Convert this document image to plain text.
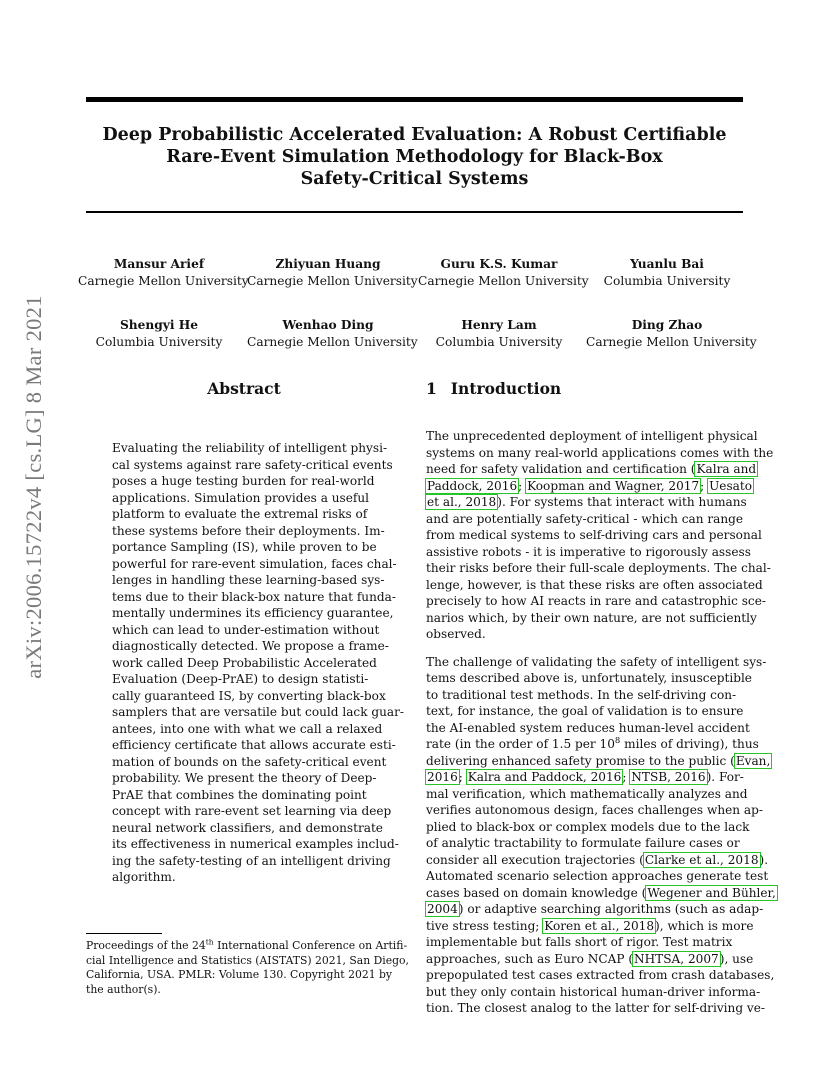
Deep Probabilistic Accelerated Evaluation: A Robust Certifiable
Rare-Event Simulation Methodology for Black-Box
Safety-Critical Systems
arXiv:2006.15722v4 [cs.LG] 8 Mar 2021
Mansur Arief
Carnegie Mellon University
Zhiyuan Huang
Carnegie Mellon University
Guru K.S. Kumar
Carnegie Mellon University
Yuanlu Bai
Columbia University
Shengyi He
Columbia University
Wenhao Ding
Carnegie Mellon University
Henry Lam
Columbia University
Ding Zhao
Carnegie Mellon University
Abstract
Evaluating the reliability of intelligent physi-
cal systems against rare safety-critical events
poses a huge testing burden for real-world
applications. Simulation provides a useful
platform to evaluate the extremal risks of
these systems before their deployments. Im-
portance Sampling (IS), while proven to be
powerful for rare-event simulation, faces chal-
lenges in handling these learning-based sys-
tems due to their black-box nature that funda-
mentally undermines its efficiency guarantee,
which can lead to under-estimation without
diagnostically detected. We propose a frame-
work called Deep Probabilistic Accelerated
Evaluation (Deep-PrAE) to design statisti-
cally guaranteed IS, by converting black-box
samplers that are versatile but could lack guar-
antees, into one with what we call a relaxed
efficiency certificate that allows accurate esti-
mation of bounds on the safety-critical event
probability. We present the theory of Deep-
PrAE that combines the dominating point
concept with rare-event set learning via deep
neural network classifiers, and demonstrate
its effectiveness in numerical examples includ-
ing the safety-testing of an intelligent driving
algorithm.
1 Introduction
The unprecedented deployment of intelligent physical
systems on many real-world applications comes with the
need for safety validation and certification (Kalra and
Paddock, 2016; Koopman and Wagner, 2017; Uesato
et al., 2018). For systems that interact with humans
and are potentially safety-critical - which can range
from medical systems to self-driving cars and personal
assistive robots - it is imperative to rigorously assess
their risks before their full-scale deployments. The chal-
lenge, however, is that these risks are often associated
precisely to how AI reacts in rare and catastrophic sce-
narios which, by their own nature, are not sufficiently
observed.
The challenge of validating the safety of intelligent sys-
tems described above is, unfortunately, insusceptible
to traditional test methods. In the self-driving con-
text, for instance, the goal of validation is to ensure
the AI-enabled system reduces human-level accident
rate (in the order of 1.5 per $10^8$ miles of driving), thus
delivering enhanced safety promise to the public (Evan,
2016; Kalra and Paddock, 2016; NTSB, 2016). For-
mal verification, which mathematically analyzes and
verifies autonomous design, faces challenges when ap-
plied to black-box or complex models due to the lack
of analytic tractability to formulate failure cases or
consider all execution trajectories (Clarke et al., 2018).
Automated scenario selection approaches generate test
cases based on domain knowledge (Wegener and Bühler,
2004) or adaptive searching algorithms (such as adap-
tive stress testing; Koren et al., 2018), which is more
implementable but falls short of rigor. Test matrix
approaches, such as Euro NCAP (NHTSA, 2007), use
prepopulated test cases extracted from crash databases,
but they only contain historical human-driver informa-
tion. The closest analog to the latter for self-driving ve-
Proceedings of the 24th International Conference on Artifi-
cial Intelligence and Statistics (AISTATS) 2021, San Diego,
California, USA. PMLR: Volume 130. Copyright 2021 by
the author(s).
